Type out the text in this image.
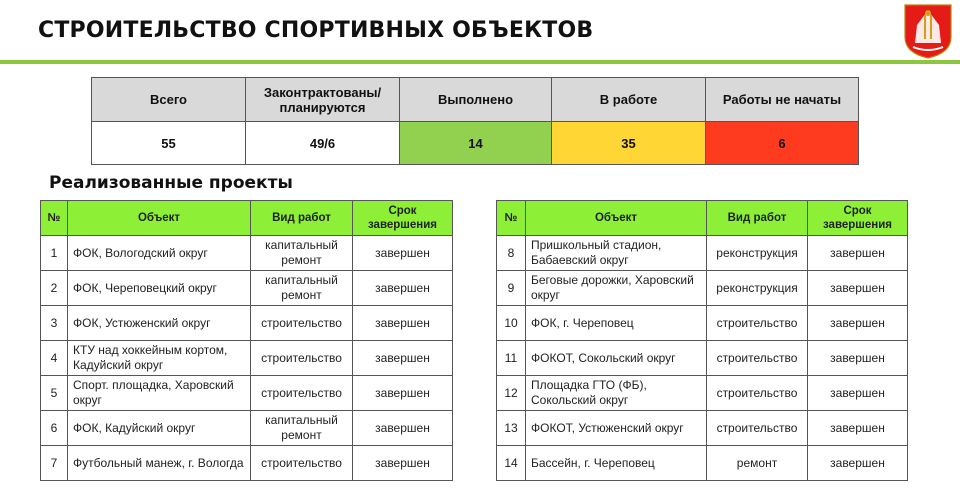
СТРОИТЕЛЬСТВО СПОРТИВНЫХ ОБЪЕКТОВ
Всего	Законтрактованы/ планируются	Выполнено	В работе	Работы не начаты
55	49/6	14	35	6
Реализованные проекты
№	Объект	Вид работ	Срок завершения
1	ФОК, Вологодский округ	капитальный ремонт	завершен
2	ФОК, Череповецкий округ	капитальный ремонт	завершен
3	ФОК, Устюженский округ	строительство	завершен
4	КТУ над хоккейным кортом, Кадуйский округ	строительство	завершен
5	Спорт. площадка, Харовский округ	строительство	завершен
6	ФОК, Кадуйский округ	капитальный ремонт	завершен
7	Футбольный манеж, г. Вологда	строительство	завершен
№	Объект	Вид работ	Срок завершения
8	Пришкольный стадион, Бабаевский округ	реконструкция	завершен
9	Беговые дорожки, Харовский округ	реконструкция	завершен
10	ФОК, г. Череповец	строительство	завершен
11	ФОКОТ, Сокольский округ	строительство	завершен
12	Площадка ГТО (ФБ), Сокольский округ	строительство	завершен
13	ФОКОТ, Устюженский округ	строительство	завершен
14	Бассейн, г. Череповец	ремонт	завершен
